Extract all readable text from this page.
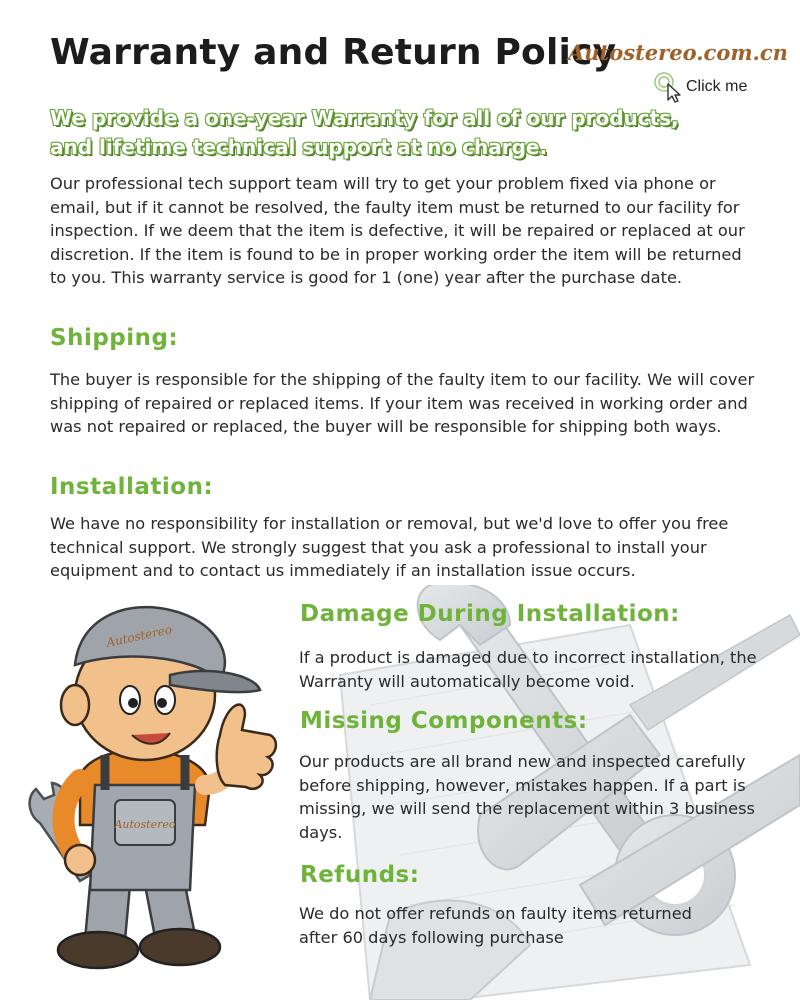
Warranty and Return Policy
Autostereo.com.cn
Click me
We provide a one-year Warranty for all of our products,
and lifetime technical support at no charge.

Our professional tech support team will try to get your problem fixed via phone or email, but if it cannot be resolved, the faulty item must be returned to our facility for inspection. If we deem that the item is defective, it will be repaired or replaced at our discretion. If the item is found to be in proper working order the item will be returned to you. This warranty service is good for 1 (one) year after the purchase date.

Shipping:

The buyer is responsible for the shipping of the faulty item to our facility. We will cover shipping of repaired or replaced items. If your item was received in working order and was not repaired or replaced, the buyer will be responsible for shipping both ways.

Installation:

We have no responsibility for installation or removal, but we'd love to offer you free technical support. We strongly suggest that you ask a professional to install your equipment and to contact us immediately if an installation issue occurs.

Autostereo
Autostereo
Damage During Installation:

If a product is damaged due to incorrect installation, the Warranty will automatically become void.

Missing Components:

Our products are all brand new and inspected carefully before shipping, however, mistakes happen. If a part is missing, we will send the replacement within 3 business days.

Refunds:

We do not offer refunds on faulty items returned after 60 days following purchase
